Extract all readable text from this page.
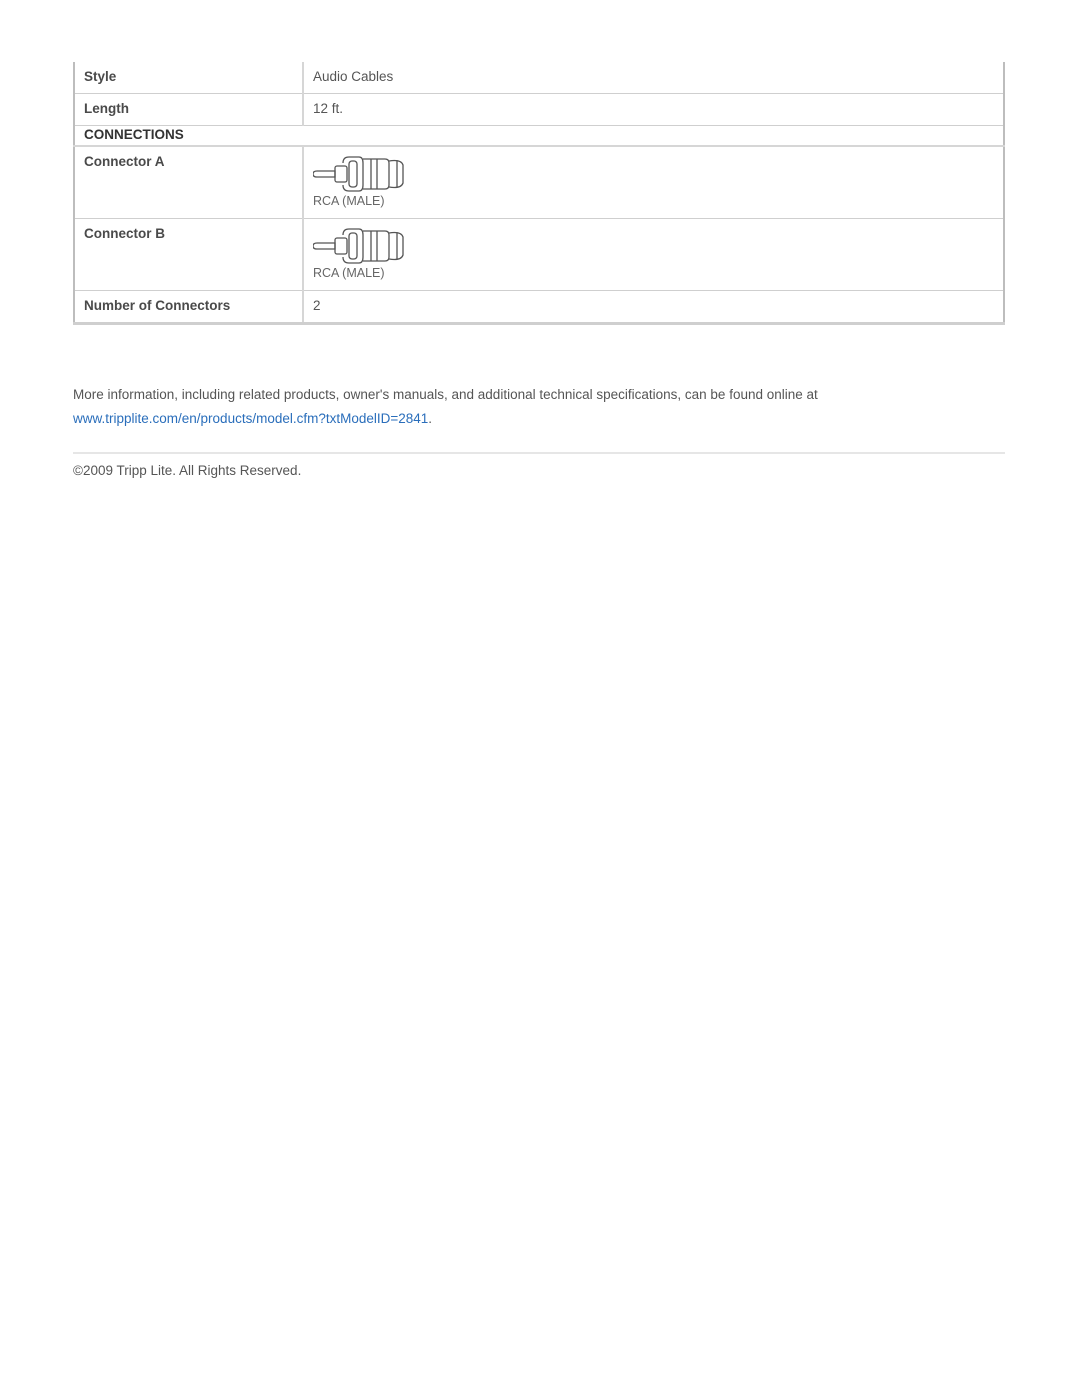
Style	Audio Cables
Length	12 ft.
CONNECTIONS	
Connector A	RCA (MALE)

Connector B	RCA (MALE)

Number of Connectors	2
More information, including related products, owner's manuals, and additional technical specifications, can be found online at
www.tripplite.com/en/products/model.cfm?txtModelID=2841.
©2009 Tripp Lite. All Rights Reserved.
